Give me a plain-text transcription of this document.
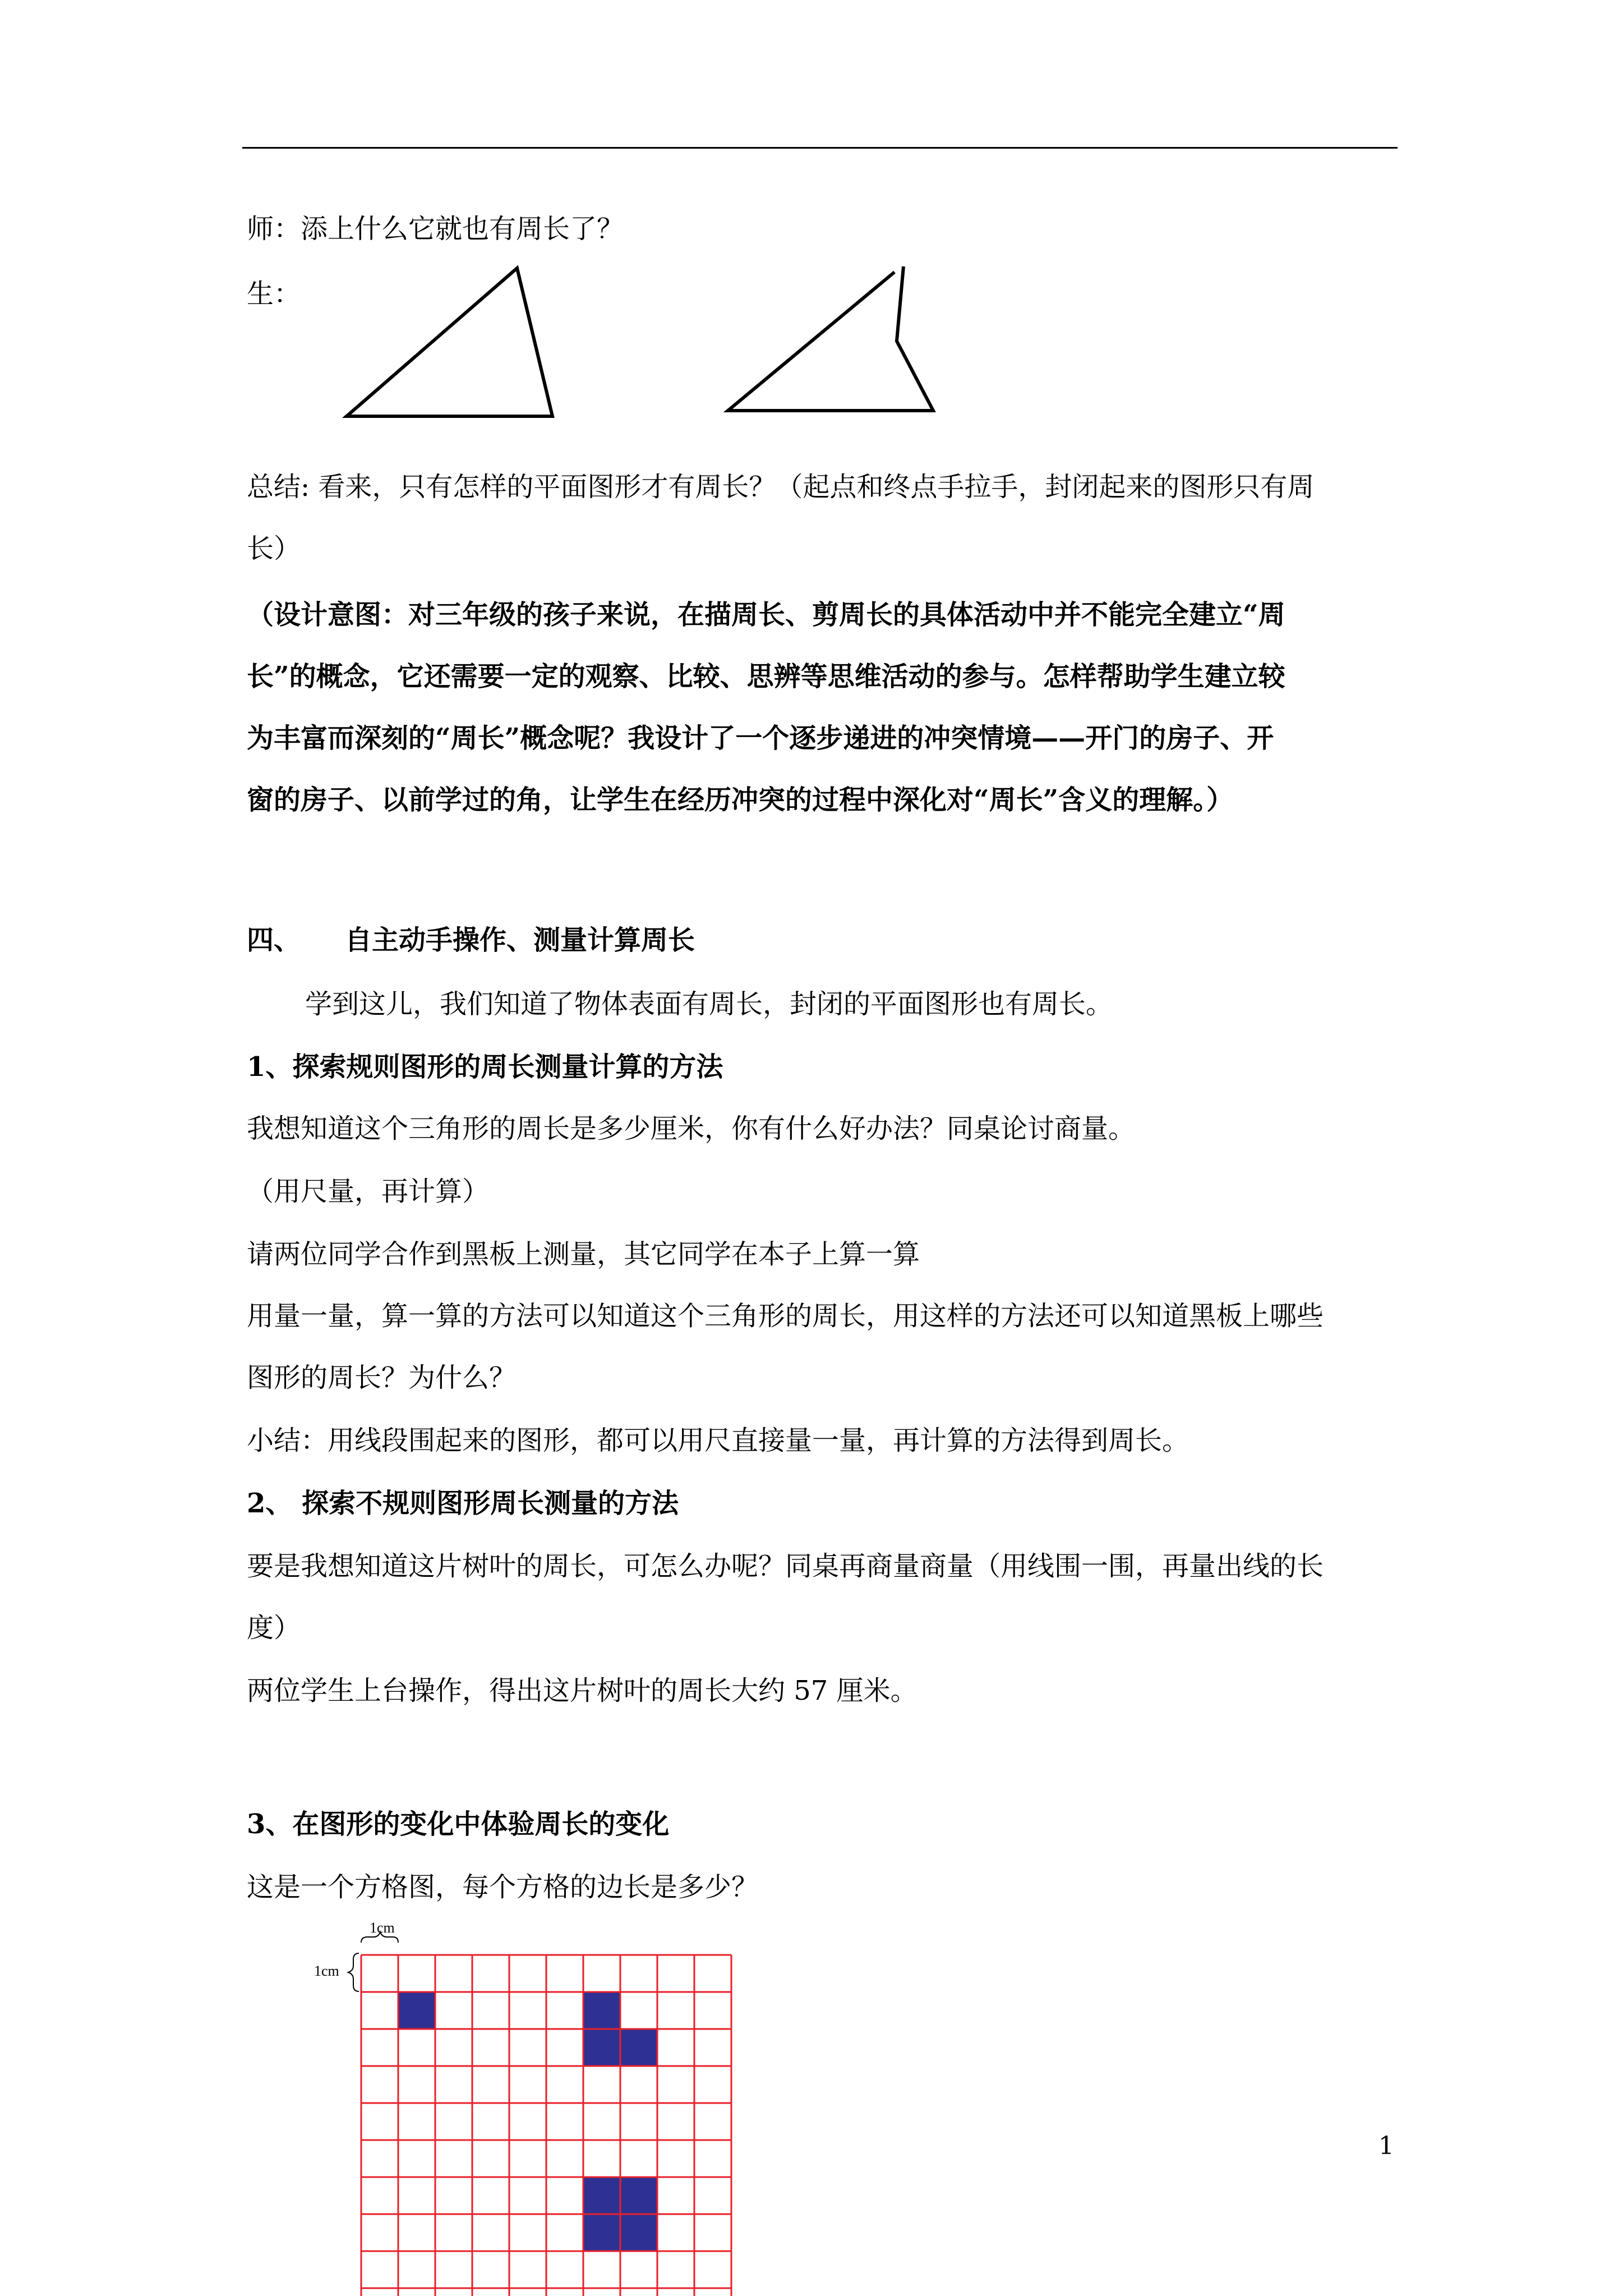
师：添上什么它就也有周长了？

生：

总结: 看来，只有怎样的平面图形才有周长？（起点和终点手拉手，封闭起来的图形只有周

长）

（设计意图：对三年级的孩子来说，在描周长、剪周长的具体活动中并不能完全建立“周

长”的概念，它还需要一定的观察、比较、思辨等思维活动的参与。怎样帮助学生建立较

为丰富而深刻的“周长”概念呢？我设计了一个逐步递进的冲突情境——开门的房子、开

窗的房子、以前学过的角，让学生在经历冲突的过程中深化对“周长”含义的理解。）

四、 自主动手操作、测量计算周长

学到这儿，我们知道了物体表面有周长，封闭的平面图形也有周长。

1、探索规则图形的周长测量计算的方法

我想知道这个三角形的周长是多少厘米，你有什么好办法？同桌论讨商量。

（用尺量，再计算）

请两位同学合作到黑板上测量，其它同学在本子上算一算

用量一量，算一算的方法可以知道这个三角形的周长，用这样的方法还可以知道黑板上哪些

图形的周长？为什么？

小结：用线段围起来的图形，都可以用尺直接量一量，再计算的方法得到周长。

2、 探索不规则图形周长测量的方法

要是我想知道这片树叶的周长，可怎么办呢？同桌再商量商量（用线围一围，再量出线的长

度）

两位学生上台操作，得出这片树叶的周长大约 57 厘米。

3、在图形的变化中体验周长的变化

这是一个方格图，每个方格的边长是多少？

1cm
1cm
1
